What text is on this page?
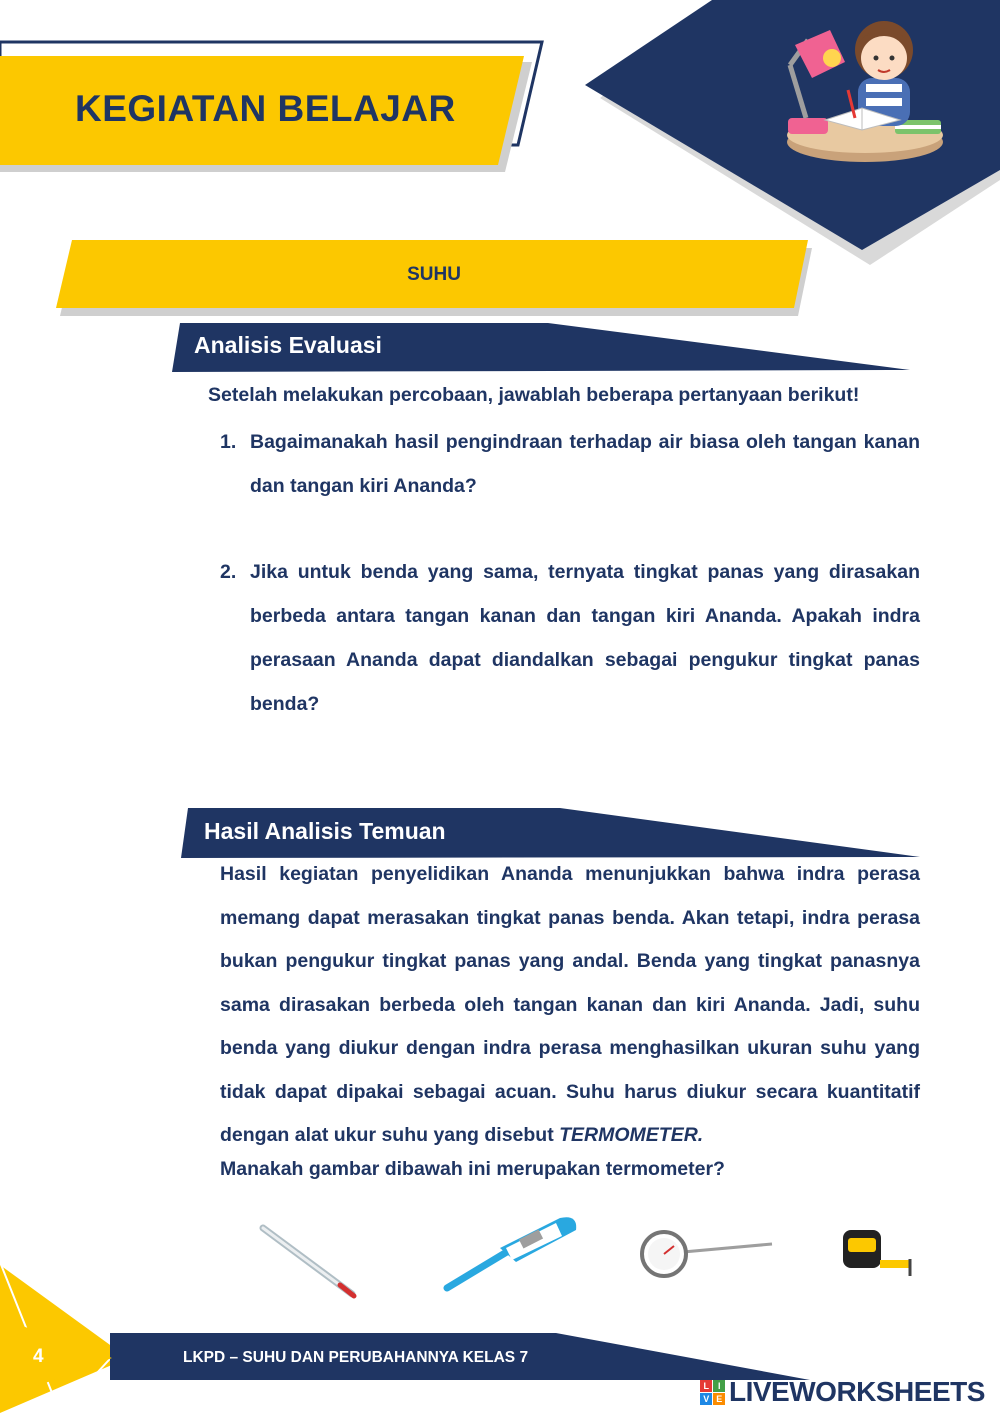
KEGIATAN BELAJAR
SUHU
Analisis Evaluasi
Setelah melakukan percobaan, jawablah beberapa pertanyaan berikut!
1. Bagaimanakah hasil pengindraan terhadap air biasa oleh tangan kanan dan tangan kiri Ananda?
2. Jika untuk benda yang sama, ternyata tingkat panas yang dirasakan berbeda antara tangan kanan dan tangan kiri Ananda. Apakah indra perasaan Ananda dapat diandalkan sebagai pengukur tingkat panas benda?
Hasil Analisis Temuan
Hasil kegiatan penyelidikan Ananda menunjukkan bahwa indra perasa memang dapat merasakan tingkat panas benda. Akan tetapi, indra perasa bukan pengukur tingkat panas yang andal. Benda yang tingkat panasnya sama dirasakan berbeda oleh tangan kanan dan kiri Ananda. Jadi, suhu benda yang diukur dengan indra perasa menghasilkan ukuran suhu yang tidak dapat dipakai sebagai acuan. Suhu harus diukur secara kuantitatif dengan alat ukur suhu yang disebut TERMOMETER.
Manakah gambar dibawah ini merupakan termometer?
4	LKPD – SUHU DAN PERUBAHANNYA KELAS 7
L	I
V E LIVEWORKSHEETS
